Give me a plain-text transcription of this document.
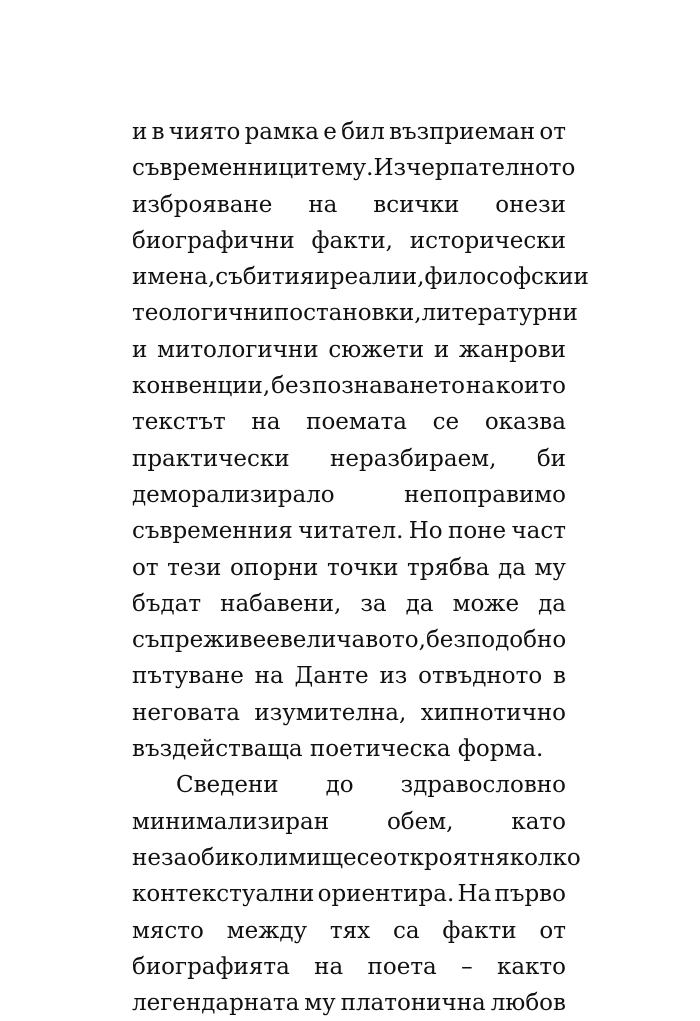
и в чиято рамка е бил възприеман от
съвременниците му. Изчерпателното
изброяване на всички онези
биографични факти, исторически
имена, събития и реалии, философски и
теологични постановки, литературни
и митологични сюжети и жанрови
конвенции, без познаването на които
текстът на поемата се оказва
практически неразбираем, би
деморализирало	непоправимо
съвременния читател. Но поне част
от тези опорни точки трябва да му
бъдат набавени, за да може да
съпреживее величавото, безподобно
пътуване на Данте из отвъдното в
неговата изумителна, хипнотично
въздействаща поетическа форма.
Сведени до здравословно
минимализиран	обем,	като
незаобиколими ще се откроят няколко
контекстуални ориентира. На първо
място между тях са факти от
биографията на поета – както
легендарната му платонична любов
